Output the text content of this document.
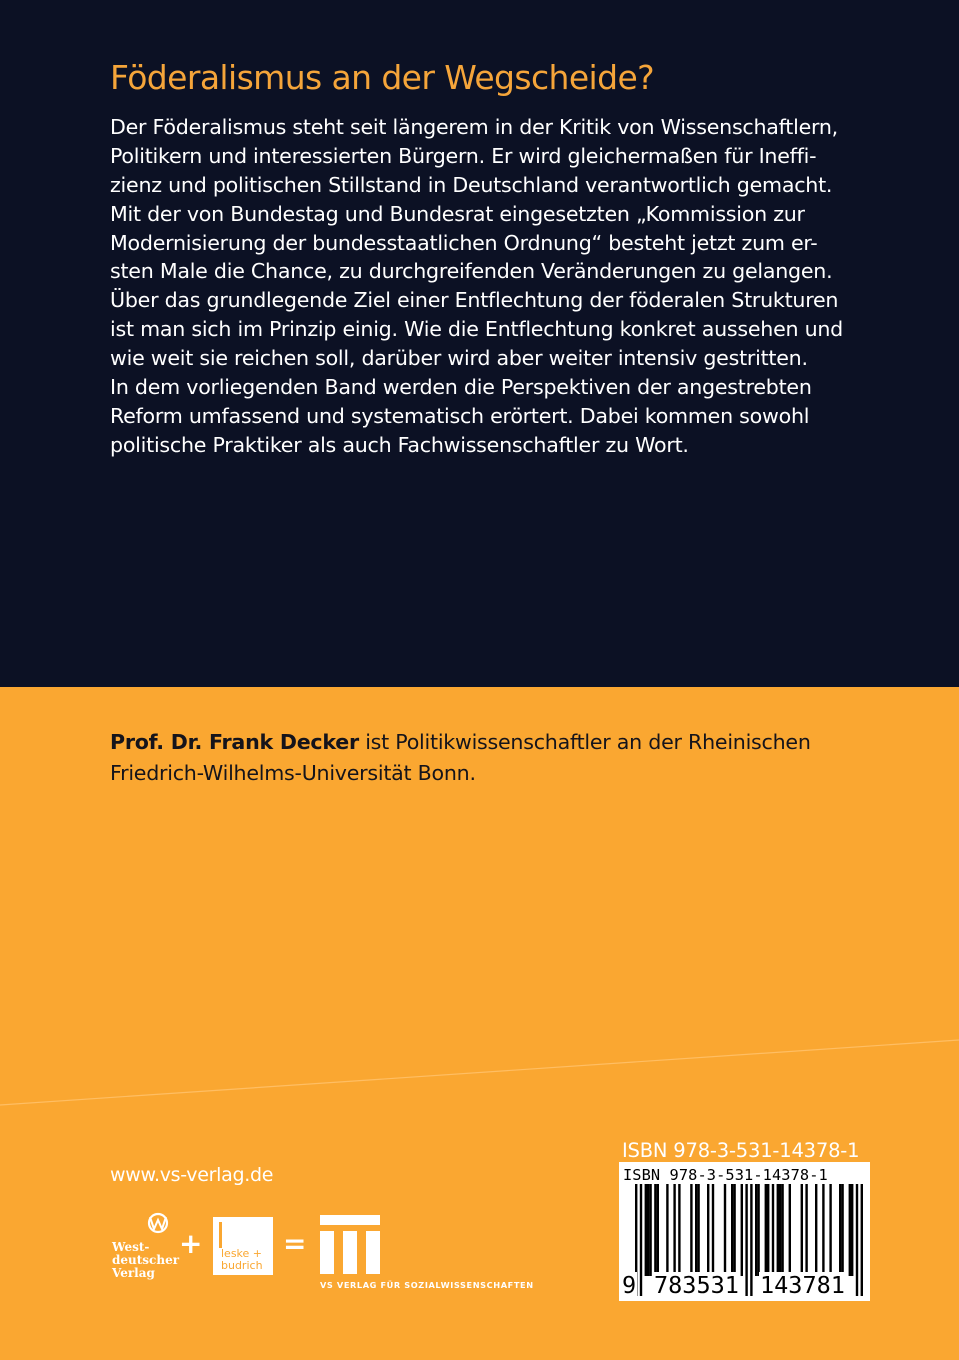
Föderalismus an der Wegscheide?
Der Föderalismus steht seit längerem in der Kritik von Wissenschaftlern,
Politikern und interessierten Bürgern. Er wird gleichermaßen für Ineffi-
zienz und politischen Stillstand in Deutschland verantwortlich gemacht.
Mit der von Bundestag und Bundesrat eingesetzten „Kommission zur
Modernisierung der bundesstaatlichen Ordnung“ besteht jetzt zum er-
sten Male die Chance, zu durchgreifenden Veränderungen zu gelangen.
Über das grundlegende Ziel einer Entflechtung der föderalen Strukturen
ist man sich im Prinzip einig. Wie die Entflechtung konkret aussehen und
wie weit sie reichen soll, darüber wird aber weiter intensiv gestritten.
In dem vorliegenden Band werden die Perspektiven der angestrebten
Reform umfassend und systematisch erörtert. Dabei kommen sowohl
politische Praktiker als auch Fachwissenschaftler zu Wort.
Prof. Dr. Frank Decker ist Politikwissenschaftler an der Rheinischen
Friedrich-Wilhelms-Universität Bonn.
www.vs-verlag.de
West-
deutscher
Verlag
+ leske +
budrich
=
VS VERLAG FÜR SOZIALWISSENSCHAFTEN
ISBN 978-3-531-14378-1
ISBN 978-3-531-14378-1
9 783531 143781
